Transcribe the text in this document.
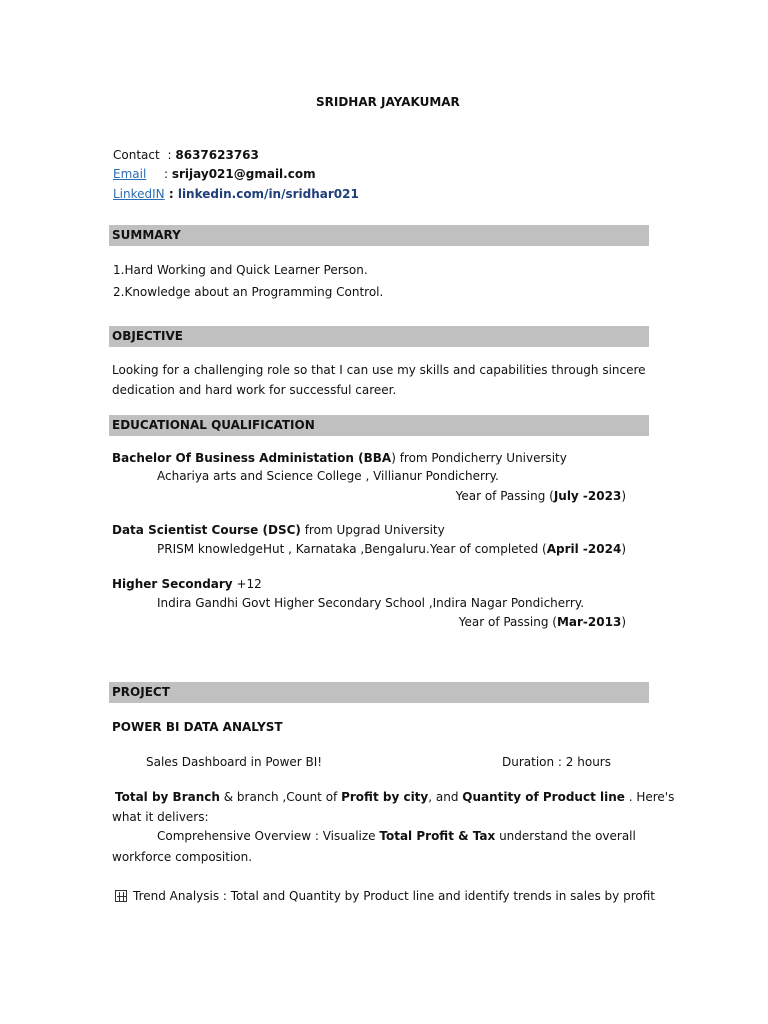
SRIDHAR JAYAKUMAR
Contact : 8637623763
Email : srijay021@gmail.com
LinkedIN : linkedin.com/in/sridhar021
SUMMARY
1.Hard Working and Quick Learner Person.
2.Knowledge about an Programming Control.
OBJECTIVE
Looking for a challenging role so that I can use my skills and capabilities through sincere
dedication and hard work for successful career.
EDUCATIONAL QUALIFICATION
Bachelor Of Business Administation (BBA) from Pondicherry University
Achariya arts and Science College , Villianur Pondicherry.
Year of Passing (July -2023)
Data Scientist Course (DSC) from Upgrad University
PRISM knowledgeHut , Karnataka ,Bengaluru. Year of completed (April -2024)
Higher Secondary +12
Indira Gandhi Govt Higher Secondary School ,Indira Nagar Pondicherry.
Year of Passing (Mar-2013)
PROJECT
POWER BI DATA ANALYST
Sales Dashboard in Power BI!	Duration : 2 hours
Total by Branch & branch ,Count of Profit by city, and Quantity of Product line . Here's
what it delivers:
Comprehensive Overview : Visualize Total Profit & Tax understand the overall
workforce composition.
Trend Analysis : Total and Quantity by Product line and identify trends in sales by profit
